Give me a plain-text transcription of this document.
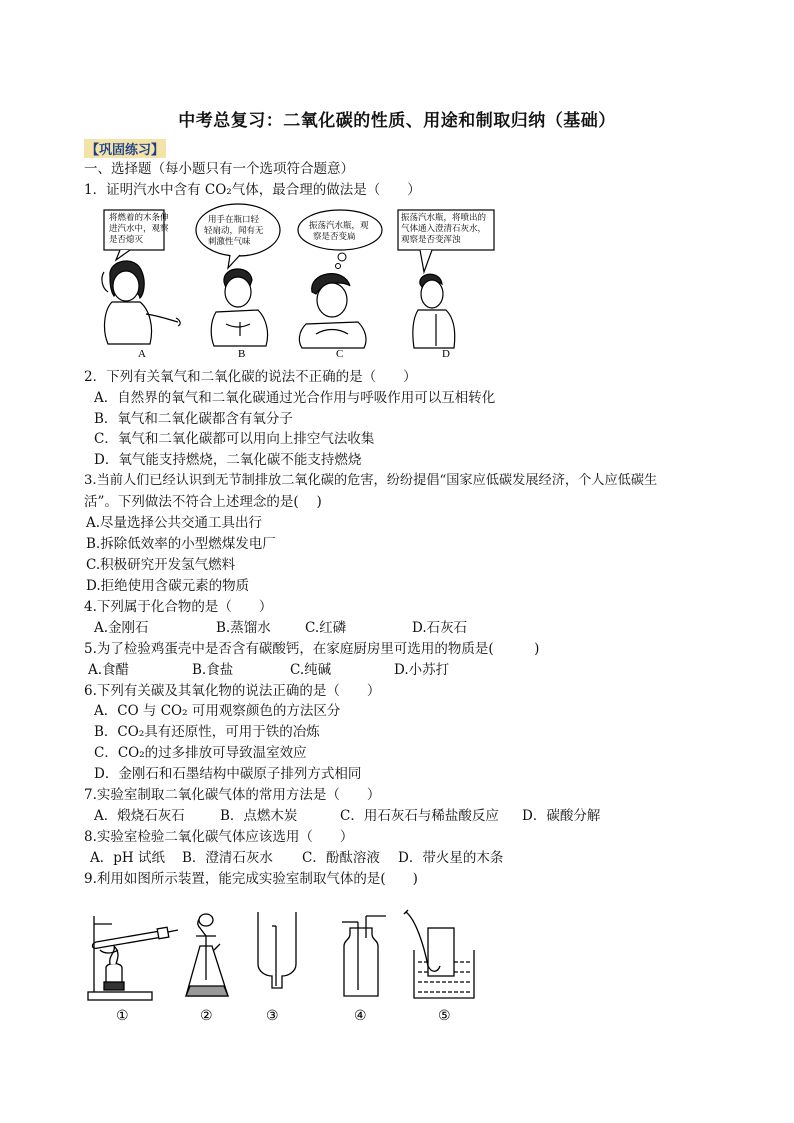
中考总复习：二氧化碳的性质、用途和制取归纳（基础）
【巩固练习】
一、选择题（每小题只有一个选项符合题意）
1．证明汽水中含有 CO₂气体，最合理的做法是（　　）
将燃着的木条伸
进汽水中，观察
是否熄灭
用手在瓶口轻
轻扇动，闻有无
刺激性气味
振荡汽水瓶，观
察是否变扁
振荡汽水瓶，将喷出的
气体通入澄清石灰水，
观察是否变浑浊
A	B	C	D
2．下列有关氧气和二氧化碳的说法不正确的是（　　）
A．自然界的氧气和二氧化碳通过光合作用与呼吸作用可以互相转化
B．氧气和二氧化碳都含有氧分子
C．氧气和二氧化碳都可以用向上排空气法收集
D．氧气能支持燃烧，二氧化碳不能支持燃烧
3.当前人们已经认识到无节制排放二氧化碳的危害，纷纷提倡“国家应低碳发展经济，个人应低碳生
活”。下列做法不符合上述理念的是(　 )
A.尽量选择公共交通工具出行
B.拆除低效率的小型燃煤发电厂
C.积极研究开发氢气燃料
D.拒绝使用含碳元素的物质
4.下列属于化合物的是（　　）
A.金刚石	B.蒸馏水	C.红磷	D.石灰石
5.为了检验鸡蛋壳中是否含有碳酸钙，在家庭厨房里可选用的物质是(　　　)
A.食醋	B.食盐	C.纯碱	D.小苏打
6.下列有关碳及其氧化物的说法正确的是（　　）
A．CO 与 CO₂ 可用观察颜色的方法区分
B．CO₂具有还原性，可用于铁的冶炼
C．CO₂的过多排放可导致温室效应
D．金刚石和石墨结构中碳原子排列方式相同
7.实验室制取二氧化碳气体的常用方法是（　　）
A．煅烧石灰石	B．点燃木炭	C．用石灰石与稀盐酸反应 D．碳酸分解
8.实验室检验二氧化碳气体应该选用（　　）
A．pH 试纸 B．澄清石灰水 C．酚酞溶液 D．带火星的木条
9.利用如图所示装置，能完成实验室制取气体的是(　　)
①	②	③	④	⑤
